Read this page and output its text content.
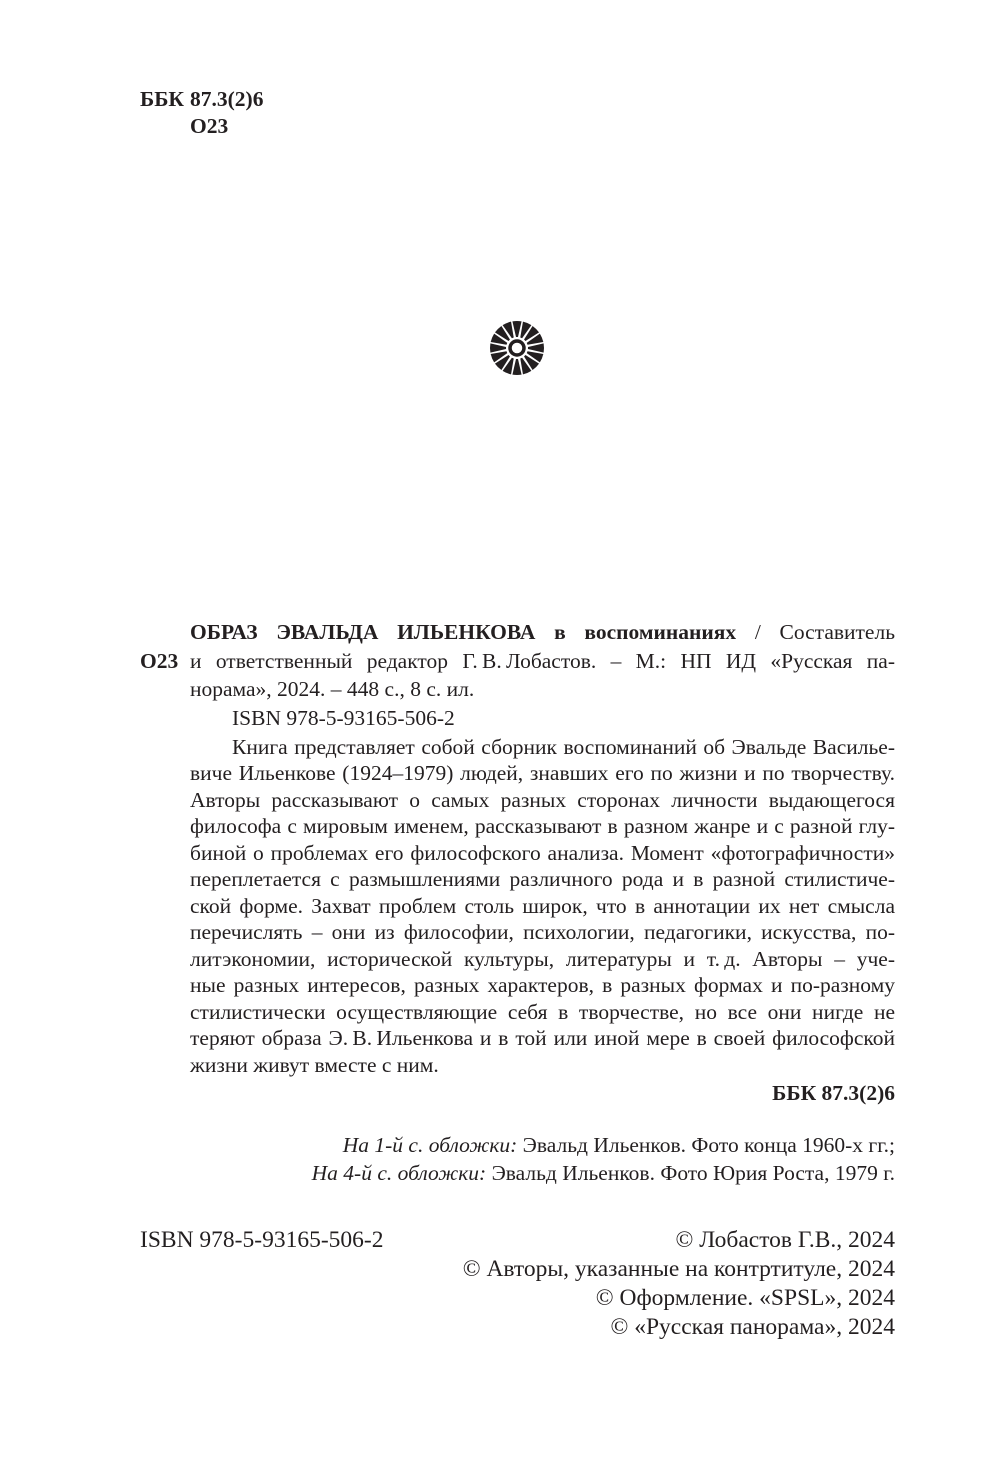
ББК 87.3(2)6
О23
О23
ОБРАЗ ЭВАЛЬДА ИЛЬЕНКОВА в воспоминаниях / Составитель
и ответственный редактор Г. В. Лобастов. – М.: НП ИД «Русская па-
норама», 2024. – 448 с., 8 с. ил.
ISBN 978-5-93165-506-2
Книга представляет собой сборник воспоминаний об Эвальде Василье-
виче Ильенкове (1924–1979) людей, знавших его по жизни и по творчеству.
Авторы рассказывают о самых разных сторонах личности выдающегося
философа с мировым именем, рассказывают в разном жанре и с разной глу-
биной о проблемах его философского анализа. Момент «фотографичности»
переплетается с размышлениями различного рода и в разной стилистиче-
ской форме. Захват проблем столь широк, что в аннотации их нет смысла
перечислять – они из философии, психологии, педагогики, искусства, по-
литэкономии, исторической культуры, литературы и т. д. Авторы – уче-
ные разных интересов, разных характеров, в разных формах и по-разному
стилистически осуществляющие себя в творчестве, но все они нигде не
теряют образа Э. В. Ильенкова и в той или иной мере в своей философской
жизни живут вместе с ним.
ББК 87.3(2)6
На 1-й с. обложки: Эвальд Ильенков. Фото конца 1960-х гг.;
На 4-й с. обложки: Эвальд Ильенков. Фото Юрия Роста, 1979 г.
ISBN 978-5-93165-506-2	© Лобастов Г.В., 2024
© Авторы, указанные на контртитуле, 2024
© Оформление. «SPSL», 2024
© «Русская панорама», 2024
